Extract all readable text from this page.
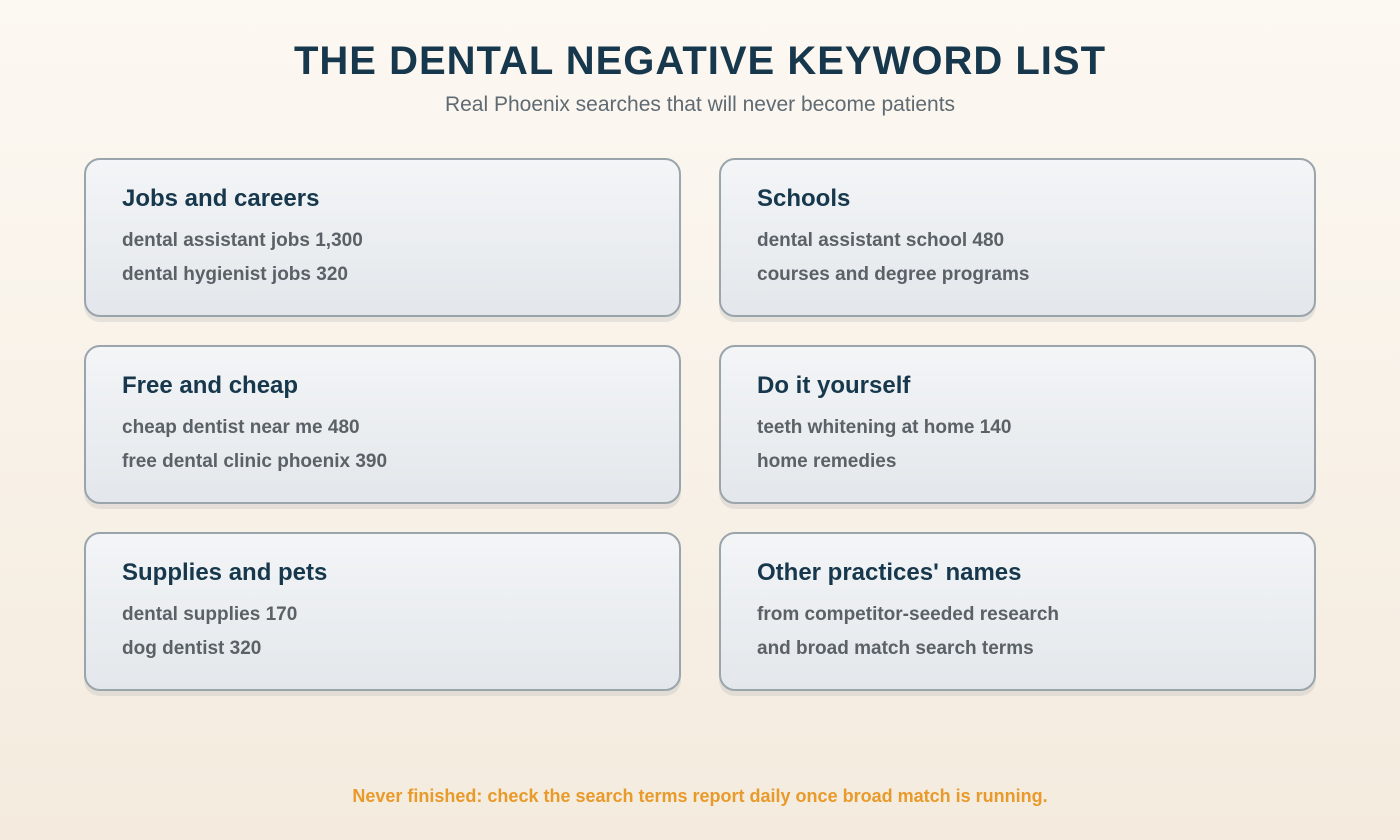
THE DENTAL NEGATIVE KEYWORD LIST
Real Phoenix searches that will never become patients
Jobs and careers
dental assistant jobs 1,300
dental hygienist jobs 320
Schools
dental assistant school 480
courses and degree programs
Free and cheap
cheap dentist near me 480
free dental clinic phoenix 390
Do it yourself
teeth whitening at home 140
home remedies
Supplies and pets
dental supplies 170
dog dentist 320
Other practices' names
from competitor-seeded research
and broad match search terms
Never finished: check the search terms report daily once broad match is running.
